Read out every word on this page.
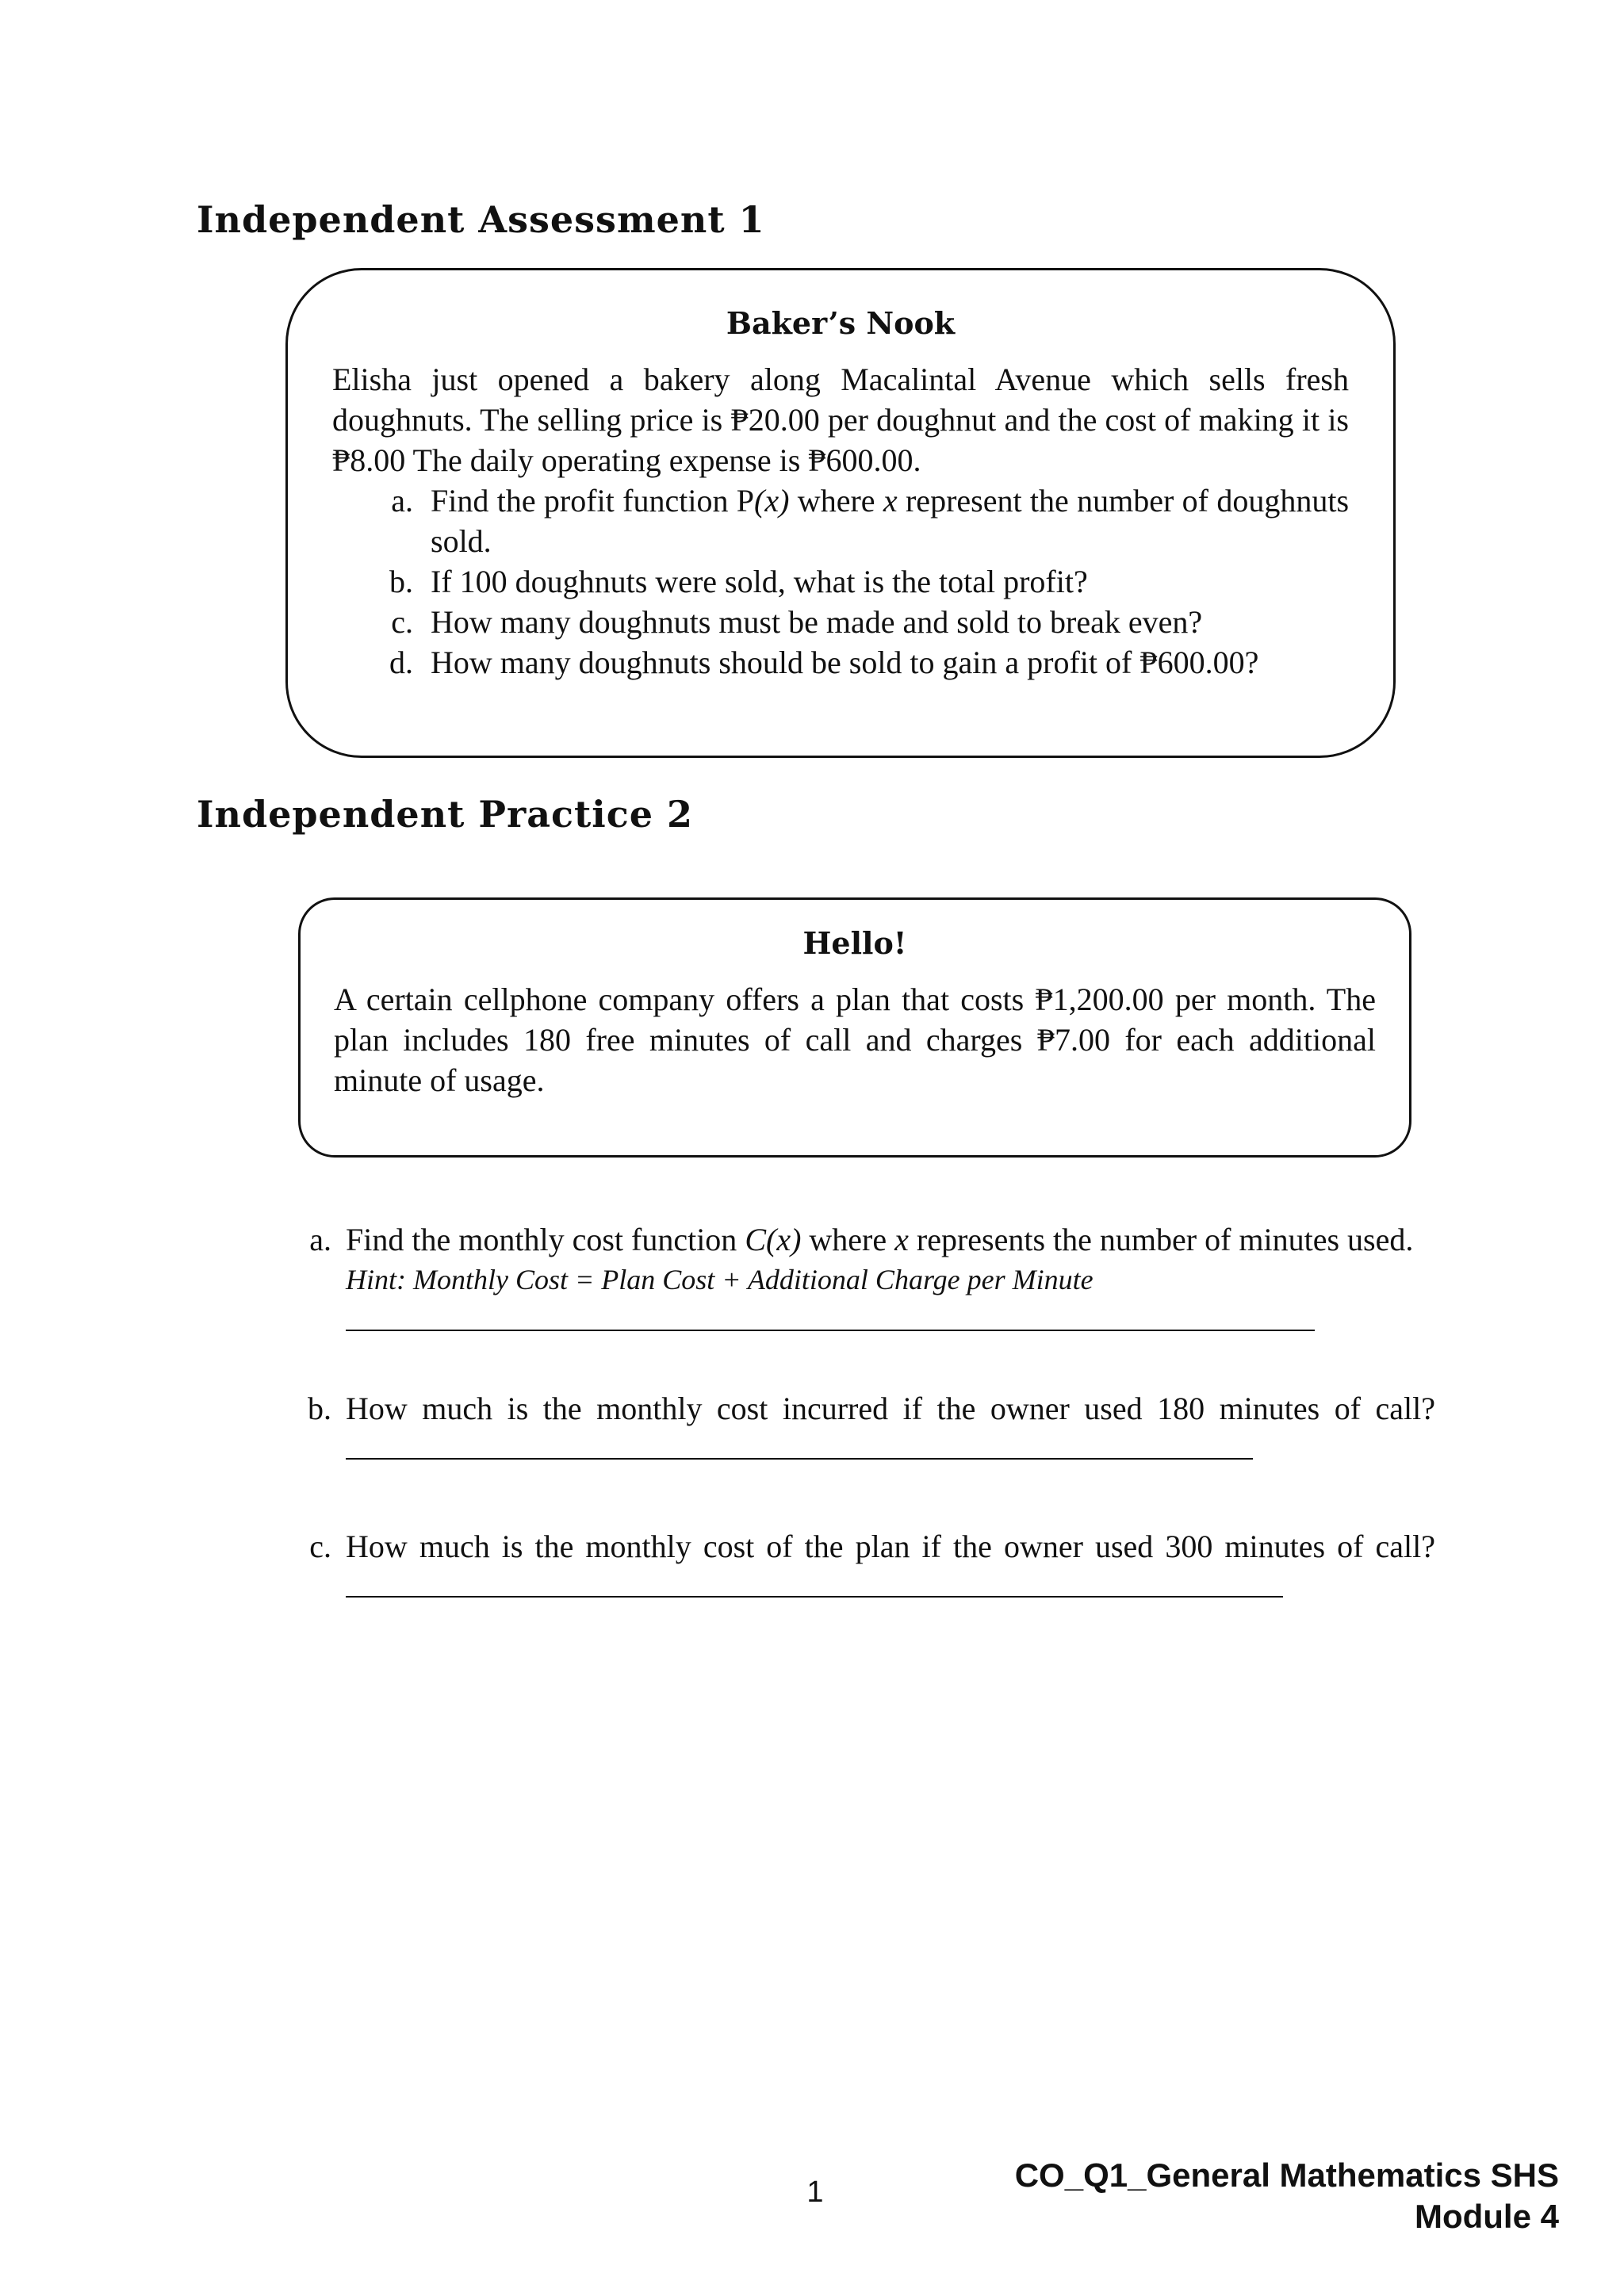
Independent Assessment 1
Baker’s Nook

Elisha just opened a bakery along Macalintal Avenue which sells fresh doughnuts. The selling price is ₱20.00 per doughnut and the cost of making it is ₱8.00 The daily operating expense is ₱600.00.

a. Find the profit function P(x) where x represent the number of doughnuts sold.
b. If 100 doughnuts were sold, what is the total profit?
c. How many doughnuts must be made and sold to break even?
d. How many doughnuts should be sold to gain a profit of ₱600.00?
Independent Practice 2
Hello!

A certain cellphone company offers a plan that costs ₱1,200.00 per month. The plan includes 180 free minutes of call and charges ₱7.00 for each additional minute of usage.

a. Find the monthly cost function C(x) where x represents the number of minutes used.
Hint: Monthly Cost = Plan Cost + Additional Charge per Minute
b. How much is the monthly cost incurred if the owner used 180 minutes of call?
c. How much is the monthly cost of the plan if the owner used 300 minutes of call?
1	CO_Q1_General Mathematics SHS
Module 4
